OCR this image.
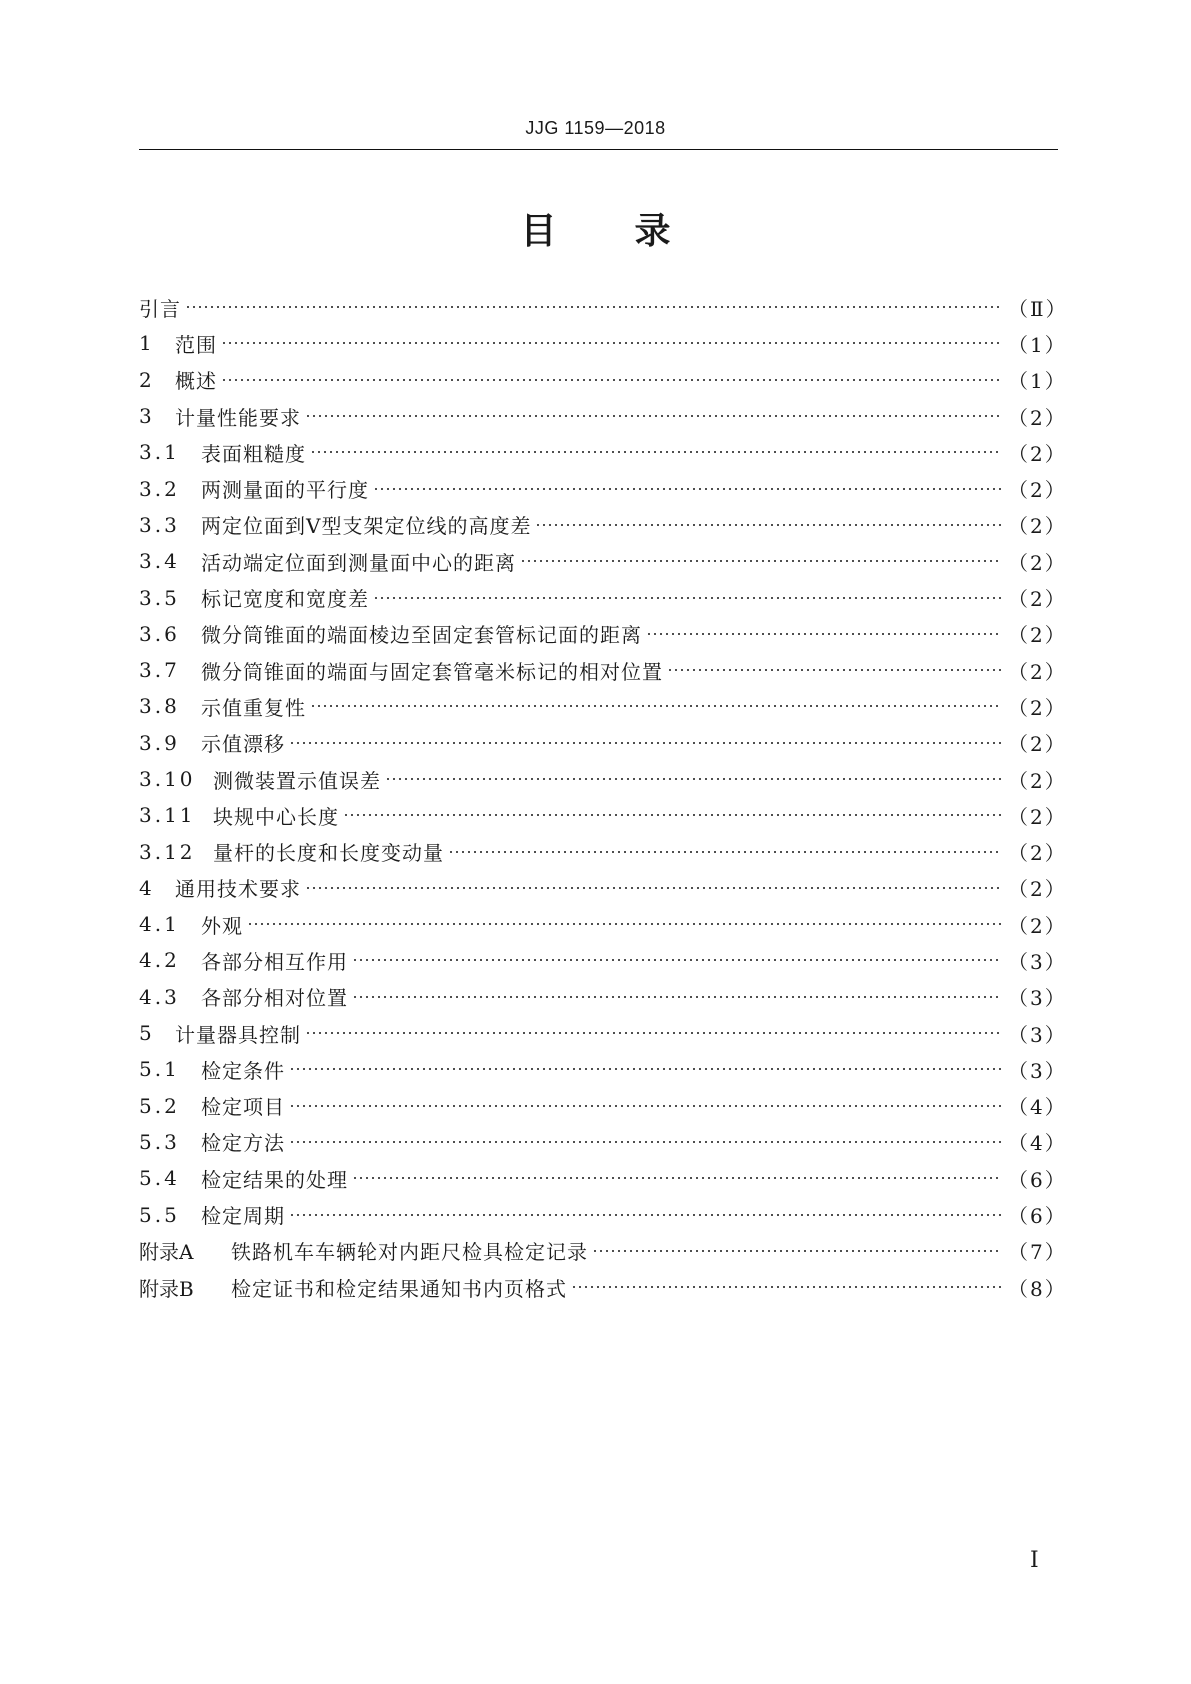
JJG 1159—2018
目录
引言	（Ⅱ）
1	范围	（1）
2	概述	（1）
3	计量性能要求	（2）
3.1	表面粗糙度	（2）
3.2	两测量面的平行度	（2）
3.3	两定位面到V型支架定位线的高度差	（2）
3.4	活动端定位面到测量面中心的距离	（2）
3.5	标记宽度和宽度差	（2）
3.6	微分筒锥面的端面棱边至固定套管标记面的距离	（2）
3.7	微分筒锥面的端面与固定套管毫米标记的相对位置	（2）
3.8	示值重复性	（2）
3.9	示值漂移	（2）
3.10 测微装置示值误差	（2）
3.11 块规中心长度	（2）
3.12 量杆的长度和长度变动量	（2）
4	通用技术要求	（2）
4.1	外观	（2）
4.2	各部分相互作用	（3）
4.3	各部分相对位置	（3）
5	计量器具控制	（3）
5.1	检定条件	（3）
5.2	检定项目	（4）
5.3	检定方法	（4）
5.4	检定结果的处理	（6）
5.5	检定周期	（6）
附录A	铁路机车车辆轮对内距尺检具检定记录	（7）
附录B	检定证书和检定结果通知书内页格式	（8）
Ⅰ
